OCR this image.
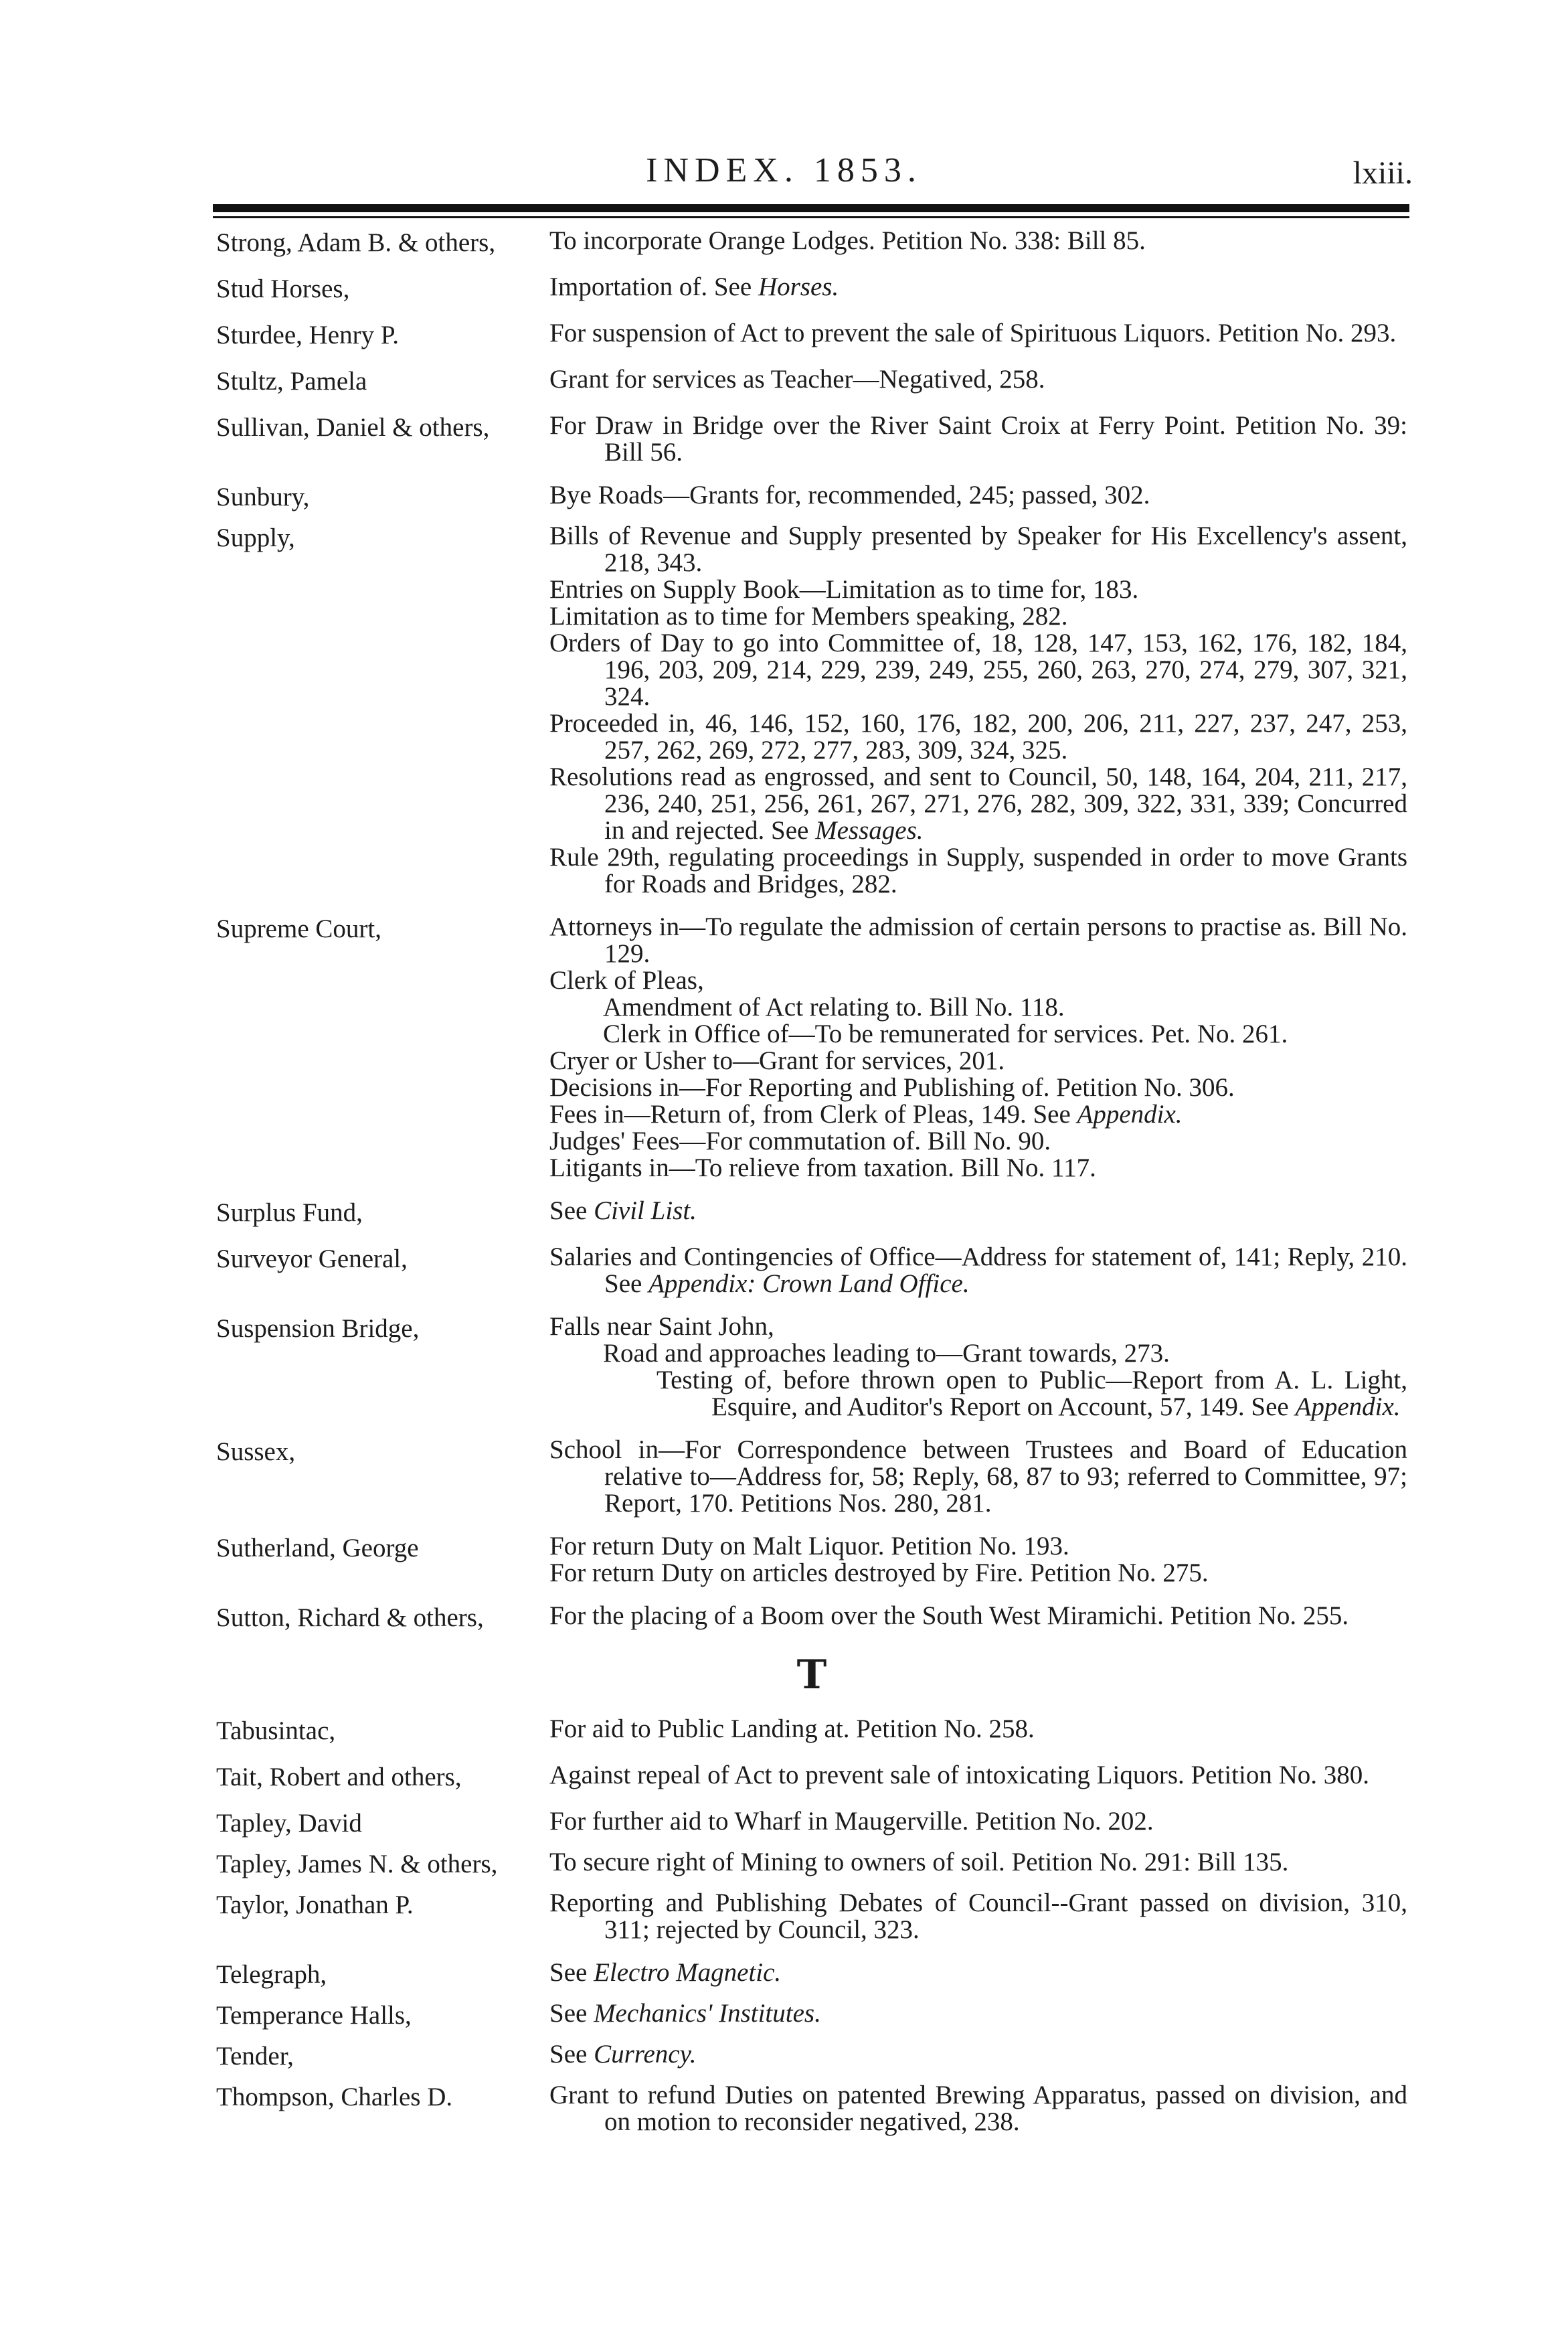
INDEX. 1853.	lxiii.
Strong, Adam B. & others,	To incorporate Orange Lodges. Petition No. 338: Bill 85.
Stud Horses,	Importation of. See Horses.
Sturdee, Henry P.	For suspension of Act to prevent the sale of Spirituous Liquors. Petition No. 293.
Stultz, Pamela	Grant for services as Teacher—Negatived, 258.
Sullivan, Daniel & others,	For Draw in Bridge over the River Saint Croix at Ferry Point. Petition No. 39: Bill 56.
Sunbury,	Bye Roads—Grants for, recommended, 245; passed, 302.
Supply,	Bills of Revenue and Supply presented by Speaker for His Excellency's assent, 218, 343.
Entries on Supply Book—Limitation as to time for, 183.
Limitation as to time for Members speaking, 282.
Orders of Day to go into Committee of, 18, 128, 147, 153, 162, 176, 182, 184, 196, 203, 209, 214, 229, 239, 249, 255, 260, 263, 270, 274, 279, 307, 321, 324.
Proceeded in, 46, 146, 152, 160, 176, 182, 200, 206, 211, 227, 237, 247, 253, 257, 262, 269, 272, 277, 283, 309, 324, 325.
Resolutions read as engrossed, and sent to Council, 50, 148, 164, 204, 211, 217, 236, 240, 251, 256, 261, 267, 271, 276, 282, 309, 322, 331, 339; Concurred in and rejected. See Messages.
Rule 29th, regulating proceedings in Supply, suspended in order to move Grants for Roads and Bridges, 282.
Supreme Court,	Attorneys in—To regulate the admission of certain persons to practise as. Bill No. 129.
Clerk of Pleas,
Amendment of Act relating to. Bill No. 118.
Clerk in Office of—To be remunerated for services. Pet. No. 261.
Cryer or Usher to—Grant for services, 201.
Decisions in—For Reporting and Publishing of. Petition No. 306.
Fees in—Return of, from Clerk of Pleas, 149. See Appendix.
Judges' Fees—For commutation of. Bill No. 90.
Litigants in—To relieve from taxation. Bill No. 117.
Surplus Fund,	See Civil List.
Surveyor General,	Salaries and Contingencies of Office—Address for statement of, 141; Reply, 210. See Appendix: Crown Land Office.
Suspension Bridge,	Falls near Saint John,
Road and approaches leading to—Grant towards, 273.
Testing of, before thrown open to Public—Report from A. L. Light, Esquire, and Auditor's Report on Account, 57, 149. See Appendix.
Sussex,	School in—For Correspondence between Trustees and Board of Education relative to—Address for, 58; Reply, 68, 87 to 93; referred to Committee, 97; Report, 170. Petitions Nos. 280, 281.
Sutherland, George	For return Duty on Malt Liquor. Petition No. 193.
For return Duty on articles destroyed by Fire. Petition No. 275.
Sutton, Richard & others,	For the placing of a Boom over the South West Miramichi. Petition No. 255.
T
Tabusintac,	For aid to Public Landing at. Petition No. 258.
Tait, Robert and others,	Against repeal of Act to prevent sale of intoxicating Liquors. Petition No. 380.
Tapley, David	For further aid to Wharf in Maugerville. Petition No. 202.
Tapley, James N. & others,	To secure right of Mining to owners of soil. Petition No. 291: Bill 135.
Taylor, Jonathan P.	Reporting and Publishing Debates of Council--Grant passed on division, 310, 311; rejected by Council, 323.
Telegraph,	See Electro Magnetic.
Temperance Halls,	See Mechanics' Institutes.
Tender,	See Currency.
Thompson, Charles D.	Grant to refund Duties on patented Brewing Apparatus, passed on division, and on motion to reconsider negatived, 238.
